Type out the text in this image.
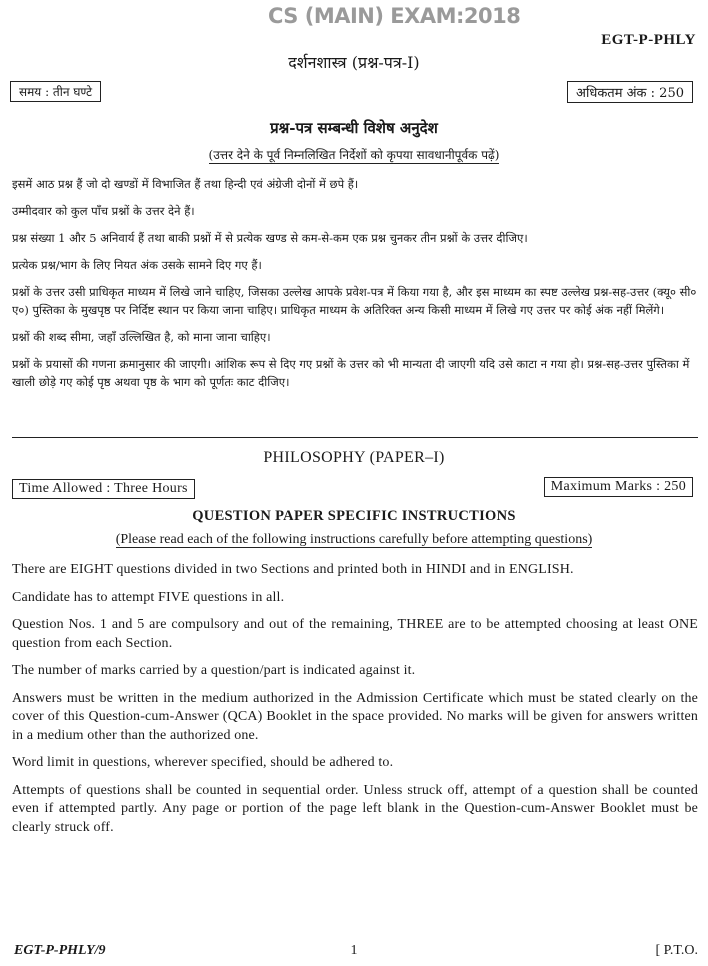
CS (MAIN) EXAM:2018
EGT-P-PHLY
दर्शनशास्त्र (प्रश्न-पत्र-I)
समय : तीन घण्टे	अधिकतम अंक : 250
प्रश्न-पत्र सम्बन्धी विशेष अनुदेश
(उत्तर देने के पूर्व निम्नलिखित निर्देशों को कृपया सावधानीपूर्वक पढ़ें)

इसमें आठ प्रश्न हैं जो दो खण्डों में विभाजित हैं तथा हिन्दी एवं अंग्रेजी दोनों में छपे हैं।

उम्मीदवार को कुल पाँच प्रश्नों के उत्तर देने हैं।

प्रश्न संख्या 1 और 5 अनिवार्य हैं तथा बाकी प्रश्नों में से प्रत्येक खण्ड से कम-से-कम एक प्रश्न चुनकर तीन प्रश्नों के उत्तर दीजिए।

प्रत्येक प्रश्न/भाग के लिए नियत अंक उसके सामने दिए गए हैं।

प्रश्नों के उत्तर उसी प्राधिकृत माध्यम में लिखे जाने चाहिए, जिसका उल्लेख आपके प्रवेश-पत्र में किया गया है, और इस माध्यम का स्पष्ट उल्लेख प्रश्न-सह-उत्तर (क्यू० सी० ए०) पुस्तिका के मुखपृष्ठ पर निर्दिष्ट स्थान पर किया जाना चाहिए। प्राधिकृत माध्यम के अतिरिक्त अन्य किसी माध्यम में लिखे गए उत्तर पर कोई अंक नहीं मिलेंगे।

प्रश्नों की शब्द सीमा, जहाँ उल्लिखित है, को माना जाना चाहिए।

प्रश्नों के प्रयासों की गणना क्रमानुसार की जाएगी। आंशिक रूप से दिए गए प्रश्नों के उत्तर को भी मान्यता दी जाएगी यदि उसे काटा न गया हो। प्रश्न-सह-उत्तर पुस्तिका में खाली छोड़े गए कोई पृष्ठ अथवा पृष्ठ के भाग को पूर्णतः काट दीजिए।

PHILOSOPHY (PAPER–I)
Time Allowed : Three Hours	Maximum Marks : 250
QUESTION PAPER SPECIFIC INSTRUCTIONS
(Please read each of the following instructions carefully before attempting questions)

There are EIGHT questions divided in two Sections and printed both in HINDI and in ENGLISH.

Candidate has to attempt FIVE questions in all.

Question Nos. 1 and 5 are compulsory and out of the remaining, THREE are to be attempted choosing at least ONE question from each Section.

The number of marks carried by a question/part is indicated against it.

Answers must be written in the medium authorized in the Admission Certificate which must be stated clearly on the cover of this Question-cum-Answer (QCA) Booklet in the space provided. No marks will be given for answers written in a medium other than the authorized one.

Word limit in questions, wherever specified, should be adhered to.

Attempts of questions shall be counted in sequential order. Unless struck off, attempt of a question shall be counted even if attempted partly. Any page or portion of the page left blank in the Question-cum-Answer Booklet must be clearly struck off.

EGT-P-PHLY/9	1	[ P.T.O.
